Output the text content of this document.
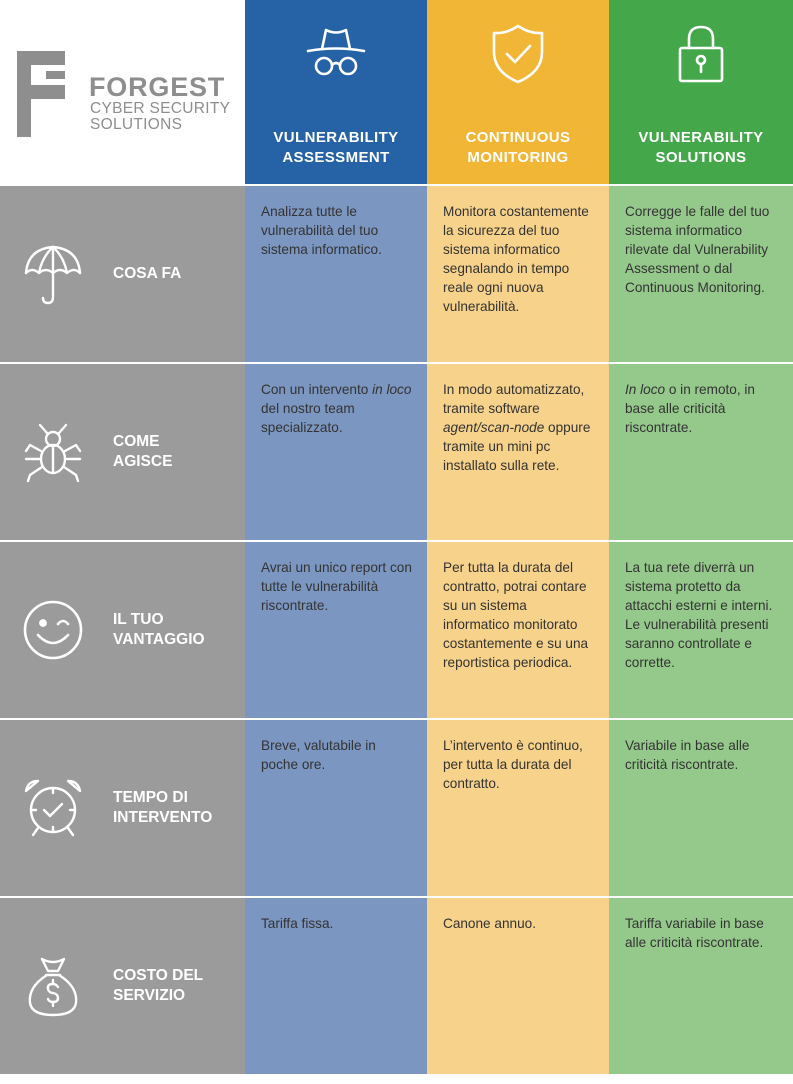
FORGEST
CYBER SECURITY
SOLUTIONS
VULNERABILITY
ASSESSMENT
CONTINUOUS
MONITORING
VULNERABILITY
SOLUTIONS
COSA FA
Analizza tutte le vulnerabilità del tuo sistema informatico.
Monitora costantemente la sicurezza del tuo sistema informatico segnalando in tempo reale ogni nuova vulnerabilità.
Corregge le falle del tuo sistema informatico rilevate dal Vulnerability Assessment o dal Continuous Monitoring.
COME
AGISCE
Con un intervento in loco del nostro team specializzato.
In modo automatizzato, tramite software agent/scan-node oppure tramite un mini pc installato sulla rete.
In loco o in remoto, in base alle criticità riscontrate.
IL TUO
VANTAGGIO
Avrai un unico report con tutte le vulnerabilità riscontrate.
Per tutta la durata del contratto, potrai contare su un sistema informatico monitorato costantemente e su una reportistica periodica.
La tua rete diverrà un sistema protetto da attacchi esterni e interni.
Le vulnerabilità presenti saranno controllate e corrette.
TEMPO DI
INTERVENTO
Breve, valutabile in poche ore.
L’intervento è continuo, per tutta la durata del contratto.
Variabile in base alle criticità riscontrate.
COSTO DEL
SERVIZIO
Tariffa fissa.	Canone annuo.	Tariffa variabile in base alle criticità riscontrate.
